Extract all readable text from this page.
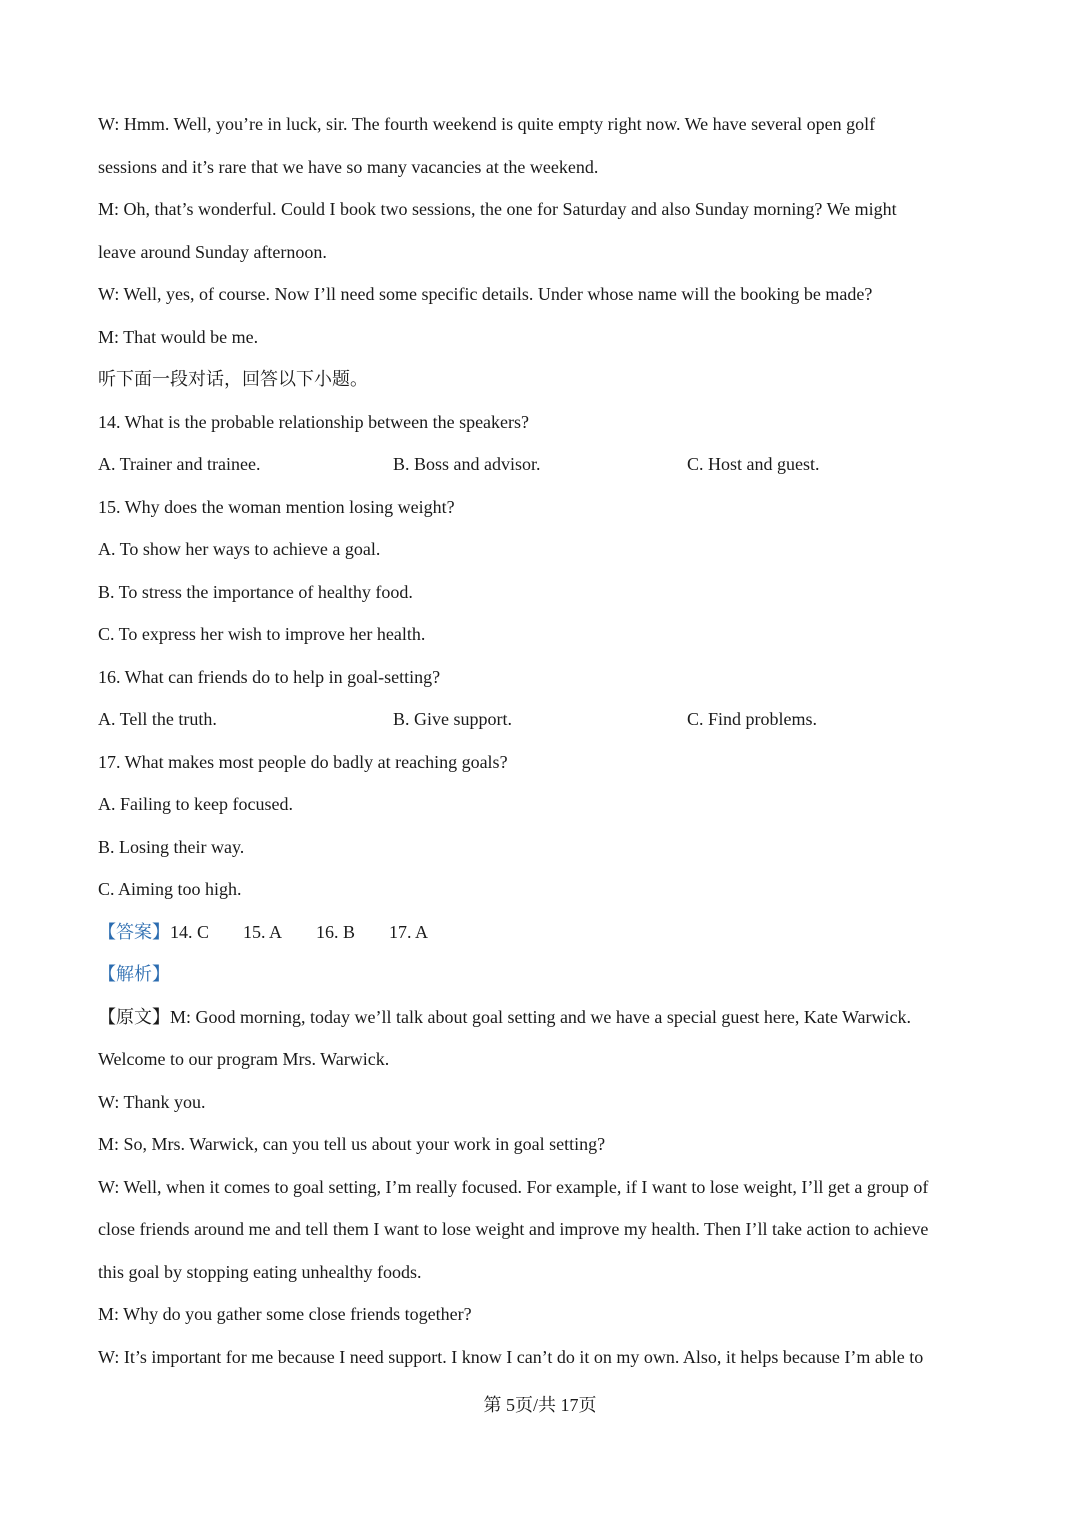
W: Hmm. Well, you’re in luck, sir. The fourth weekend is quite empty right now. We have several open golf
sessions and it’s rare that we have so many vacancies at the weekend.
M: Oh, that’s wonderful. Could I book two sessions, the one for Saturday and also Sunday morning? We might
leave around Sunday afternoon.
W: Well, yes, of course. Now I’ll need some specific details. Under whose name will the booking be made?
M: That would be me.
听下面一段对话，回答以下小题。
14. What is the probable relationship between the speakers?
A. Trainer and trainee.	B. Boss and advisor.	C. Host and guest.
15. Why does the woman mention losing weight?
A. To show her ways to achieve a goal.
B. To stress the importance of healthy food.
C. To express her wish to improve her health.
16. What can friends do to help in goal-setting?
A. Tell the truth.	B. Give support.	C. Find problems.
17. What makes most people do badly at reaching goals?
A. Failing to keep focused.
B. Losing their way.
C. Aiming too high.
【答案】14. C 15. A 16. B 17. A
【解析】
【原文】M: Good morning, today we’ll talk about goal setting and we have a special guest here, Kate Warwick.
Welcome to our program Mrs. Warwick.
W: Thank you.
M: So, Mrs. Warwick, can you tell us about your work in goal setting?
W: Well, when it comes to goal setting, I’m really focused. For example, if I want to lose weight, I’ll get a group of
close friends around me and tell them I want to lose weight and improve my health. Then I’ll take action to achieve
this goal by stopping eating unhealthy foods.
M: Why do you gather some close friends together?
W: It’s important for me because I need support. I know I can’t do it on my own. Also, it helps because I’m able to
第 5页/共 17页
